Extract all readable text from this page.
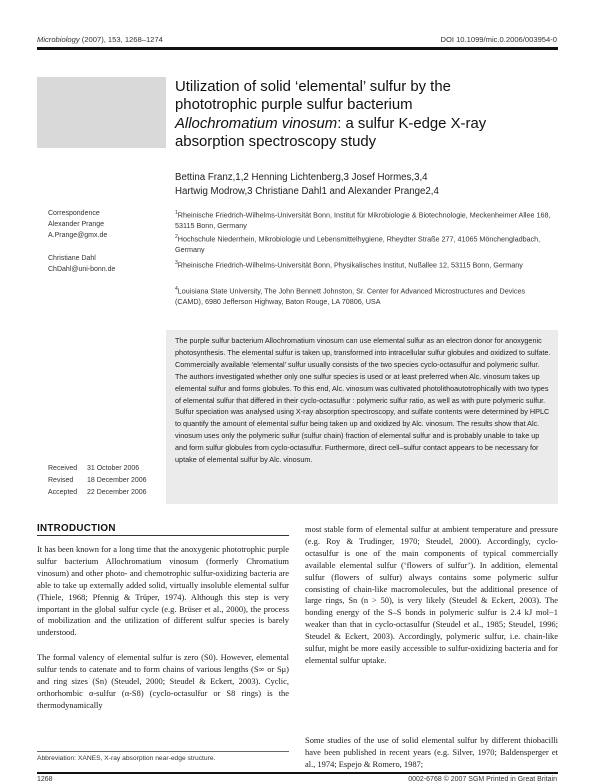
Microbiology (2007), 153, 1268–1274	DOI 10.1099/mic.0.2006/003954-0
Utilization of solid ‘elemental’ sulfur by the
phototrophic purple sulfur bacterium
Allochromatium vinosum: a sulfur K-edge X-ray
absorption spectroscopy study
Bettina Franz,1,2 Henning Lichtenberg,3 Josef Hormes,3,4
Hartwig Modrow,3 Christiane Dahl1 and Alexander Prange2,4
Correspondence
Alexander Prange
A.Prange@gmx.de
Christiane Dahl
ChDahl@uni-bonn.de
$^1$Rheinische Friedrich-Wilhelms-Universität Bonn, Institut für Mikrobiologie & Biotechnologie, Meckenheimer Allee 168, 53115 Bonn, Germany
$^2$Hochschule Niederrhein, Mikrobiologie und Lebensmittelhygiene, Rheydter Straße 277, 41065 Mönchengladbach, Germany
$^3$Rheinische Friedrich-Wilhelms-Universität Bonn, Physikalisches Institut, Nußallee 12, 53115 Bonn, Germany
$^4$Louisiana State University, The John Bennett Johnston, Sr. Center for Advanced Microstructures and Devices (CAMD), 6980 Jefferson Highway, Baton Rouge, LA 70806, USA
The purple sulfur bacterium Allochromatium vinosum can use elemental sulfur as an electron donor for anoxygenic photosynthesis. The elemental sulfur is taken up, transformed into intracellular sulfur globules and oxidized to sulfate. Commercially available ‘elemental’ sulfur usually consists of the two species cyclo-octasulfur and polymeric sulfur. The authors investigated whether only one sulfur species is used or at least preferred when Alc. vinosum takes up elemental sulfur and forms globules. To this end, Alc. vinosum was cultivated photolithoautotrophically with two types of elemental sulfur that differed in their cyclo-octasulfur : polymeric sulfur ratio, as well as with pure polymeric sulfur. Sulfur speciation was analysed using X-ray absorption spectroscopy, and sulfate contents were determined by HPLC to quantify the amount of elemental sulfur being taken up and oxidized by Alc. vinosum. The results show that Alc. vinosum uses only the polymeric sulfur (sulfur chain) fraction of elemental sulfur and is probably unable to take up and form sulfur globules from cyclo-octasulfur. Furthermore, direct cell–sulfur contact appears to be necessary for uptake of elemental sulfur by Alc. vinosum.
Received 31 October 2006
Revised 18 December 2006
Accepted 22 December 2006
INTRODUCTION
It has been known for a long time that the anoxygenic phototrophic purple sulfur bacterium Allochromatium vinosum (formerly Chromatium vinosum) and other photo- and chemotrophic sulfur-oxidizing bacteria are able to take up externally added solid, virtually insoluble elemental sulfur (Thiele, 1968; Pfennig & Trüper, 1974). Although this step is very important in the global sulfur cycle (e.g. Brüser et al., 2000), the process of mobilization and the utilization of different sulfur species is barely understood.
The formal valency of elemental sulfur is zero (S0). However, elemental sulfur tends to catenate and to form chains of various lengths (S∞ or Sμ) and ring sizes (Sn) (Steudel, 2000; Steudel & Eckert, 2003). Cyclic, orthorhombic α-sulfur (α-S8) (cyclo-octasulfur or S8 rings) is the thermodynamically
most stable form of elemental sulfur at ambient temperature and pressure (e.g. Roy & Trudinger, 1970; Steudel, 2000). Accordingly, cyclo-octasulfur is one of the main components of typical commercially available elemental sulfur (‘flowers of sulfur’). In addition, elemental sulfur (flowers of sulfur) always contains some polymeric sulfur consisting of chain-like macromolecules, but the additional presence of large rings, Sn (n > 50), is very likely (Steudel & Eckert, 2003). The bonding energy of the S–S bonds in polymeric sulfur is 2.4 kJ mol−1 weaker than that in cyclo-octasulfur (Steudel et al., 1985; Steudel, 1996; Steudel & Eckert, 2003). Accordingly, polymeric sulfur, i.e. chain-like sulfur, might be more easily accessible to sulfur-oxidizing bacteria and for elemental sulfur uptake.
Some studies of the use of solid elemental sulfur by different thiobacilli have been published in recent years (e.g. Silver, 1970; Baldensperger et al., 1974; Espejo & Romero, 1987;
Abbreviation: XANES, X-ray absorption near-edge structure.
1268	0002-6768 © 2007 SGM Printed in Great Britain
